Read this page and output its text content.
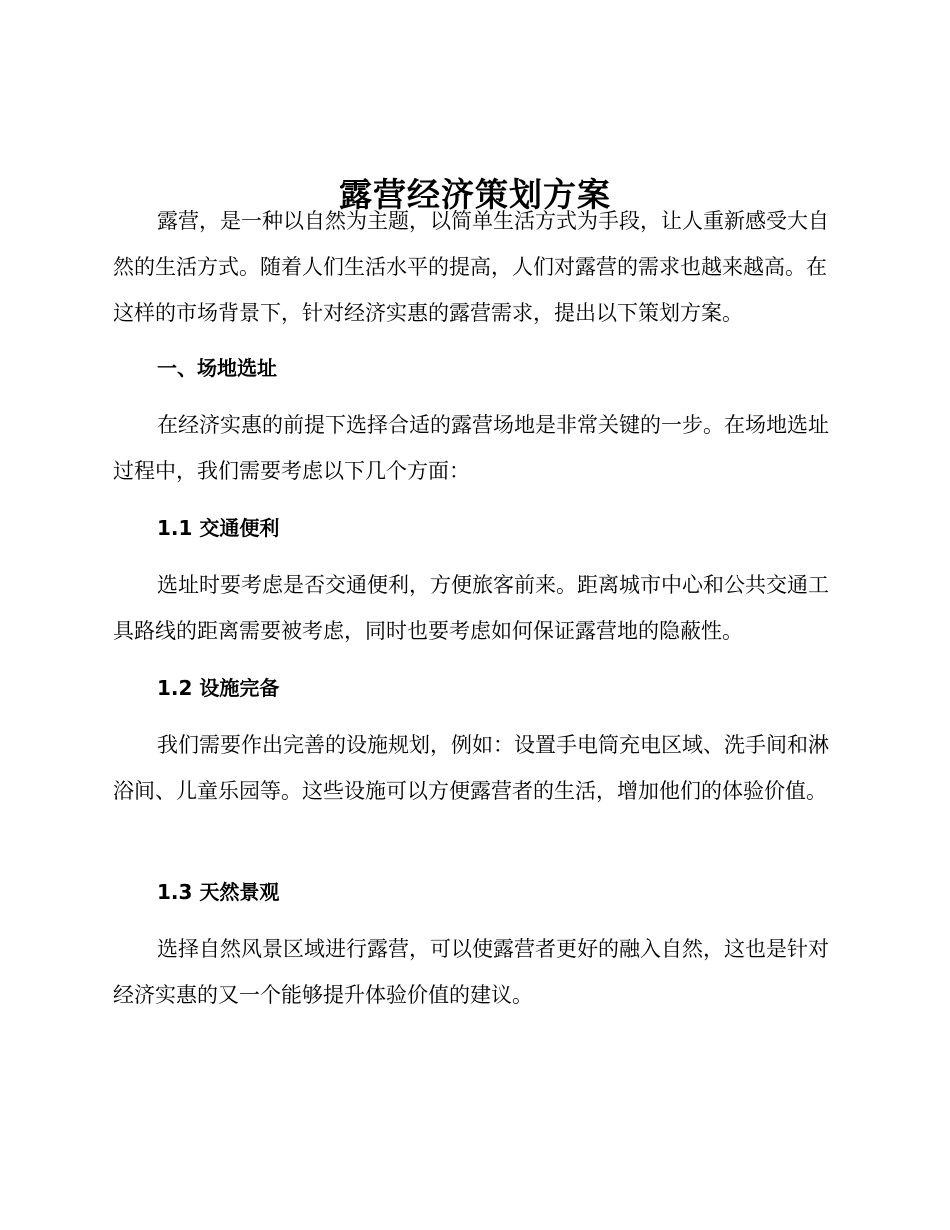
露营经济策划方案

露营，是一种以自然为主题，以简单生活方式为手段，让人重新感受大自然的生活方式。随着人们生活水平的提高，人们对露营的需求也越来越高。在这样的市场背景下，针对经济实惠的露营需求，提出以下策划方案。

一、场地选址

在经济实惠的前提下选择合适的露营场地是非常关键的一步。在场地选址过程中，我们需要考虑以下几个方面：

1.1 交通便利

选址时要考虑是否交通便利，方便旅客前来。距离城市中心和公共交通工具路线的距离需要被考虑，同时也要考虑如何保证露营地的隐蔽性。

1.2 设施完备

我们需要作出完善的设施规划，例如：设置手电筒充电区域、洗手间和淋浴间、儿童乐园等。这些设施可以方便露营者的生活，增加他们的体验价值。

1.3 天然景观

选择自然风景区域进行露营，可以使露营者更好的融入自然，这也是针对经济实惠的又一个能够提升体验价值的建议。
